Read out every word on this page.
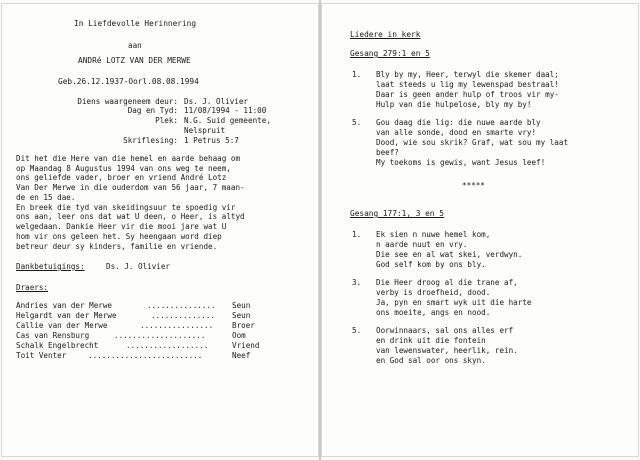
In Liefdevolle Herinnering
aan
ANDRé LOTZ VAN DER MERWE
Geb.26.12.1937-Oorl.08.08.1994
Diens waargeneem deur: Ds. J. Olivier
Dag en Tyd: 11/08/1994 - 11:00
Plek: N.G. Suid gemeente,
Nelspruit
Skriflesing: 1 Petrus 5:7
Dit het die Here van die hemel en aarde behaag om
op Maandag 8 Augustus 1994 van ons weg te neem,
ons geliefde vader, broer en vriend André Lotz
Van Der Merwe in die ouderdom van 56 jaar, 7 maan-
de en 15 dae.
En breek die tyd van skeidingsuur te spoedig vir
ons aan, leer ons dat wat U deen, o Heer, is altyd
welgedaan. Dankie Heer vir die mooi jare wat U
hom vir ons geleen het. Sy heengaan word diep
betreur deur sy kinders, familie en vriende.
Dankbetuigings:	Ds. J. Olivier
Draers:
Andries van der Merwe	............... Seun
Helgardt van der Merwe	.............. Seun
Callie van der Merwe	................ Broer
Cas van Rensburg	....................	Oom
Schalk Engelbrecht	..................	Vriend
Toit Venter	.........................	Neef
Liedere in kerk
Gesang 279:1 en 5
1. Bly by my, Heer, terwyl die skemer daal;
laat steeds u lig my lewenspad bestraal!
Daar is geen ander hulp of troos vir my-
Hulp van die hulpelose, bly my by!
5. Gou daag die lig: die nuwe aarde bly
van alle sonde, dood en smarte vry!
Dood, wie sou skrik? Graf, wat sou my laat
beef?
My toekoms is gewis, want Jesus leef!
*****
Gesang 177:1, 3 en 5
1. Ek sien n nuwe hemel kom,
n aarde nuut en vry.
Die see en al wat skei, verdwyn.
God self kom by ons bly.
3. Die Heer droog al die trane af,
verby is droefheid, dood.
Ja, pyn en smart wyk uit die harte
ons moeite, angs en nood.
5. Oorwinnaars, sal ons alles erf
en drink uit die fontein
van lewenswater, heerlik, rein.
en God sal oor ons skyn.
